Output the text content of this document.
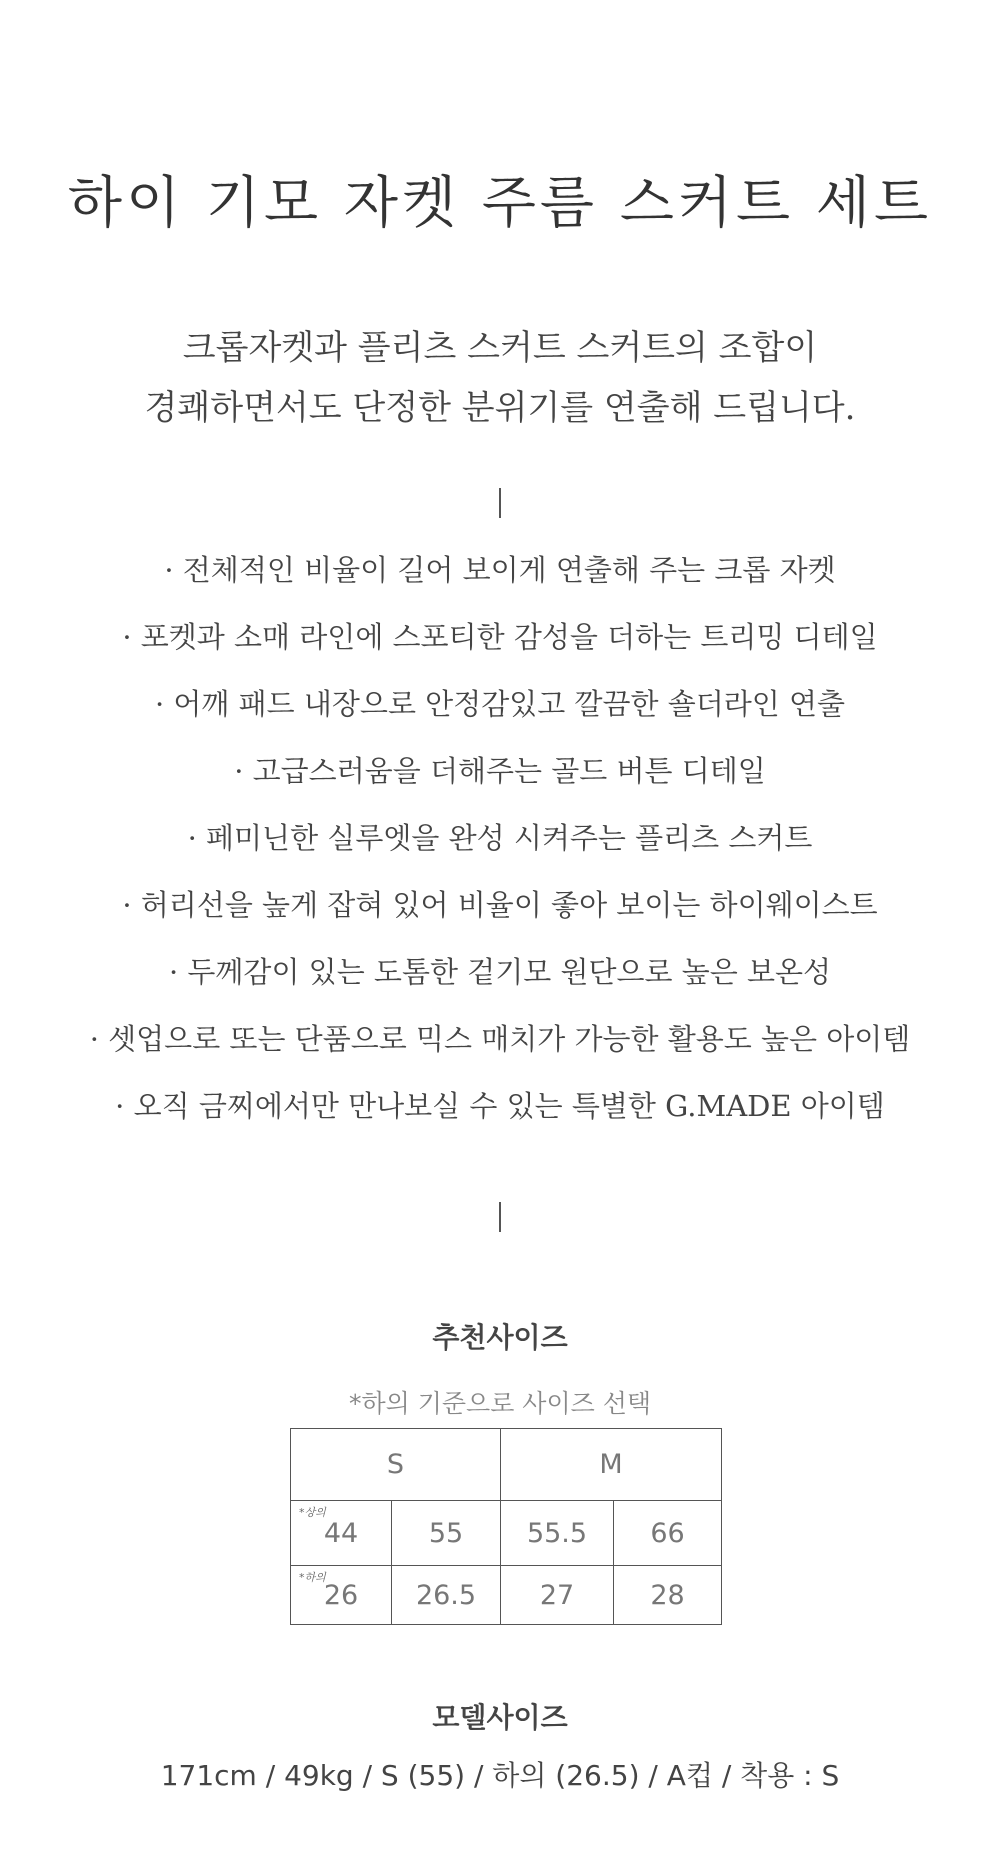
하이 기모 자켓 주름 스커트 세트
크롭자켓과 플리츠 스커트 스커트의 조합이
경쾌하면서도 단정한 분위기를 연출해 드립니다.
· 전체적인 비율이 길어 보이게 연출해 주는 크롭 자켓
· 포켓과 소매 라인에 스포티한 감성을 더하는 트리밍 디테일
· 어깨 패드 내장으로 안정감있고 깔끔한 숄더라인 연출
· 고급스러움을 더해주는 골드 버튼 디테일
· 페미닌한 실루엣을 완성 시켜주는 플리츠 스커트
· 허리선을 높게 잡혀 있어 비율이 좋아 보이는 하이웨이스트
· 두께감이 있는 도톰한 겉기모 원단으로 높은 보온성
· 셋업으로 또는 단품으로 믹스 매치가 가능한 활용도 높은 아이템
· 오직 금찌에서만 만나보실 수 있는 특별한 G.MADE 아이템
추천사이즈
*하의 기준으로 사이즈 선택
S		M	

*상의
44	55	55.5	66

*하의
26	26.5	27	28
모델사이즈
171cm / 49kg / S (55) / 하의 (26.5) / A컵 / 착용 : S
